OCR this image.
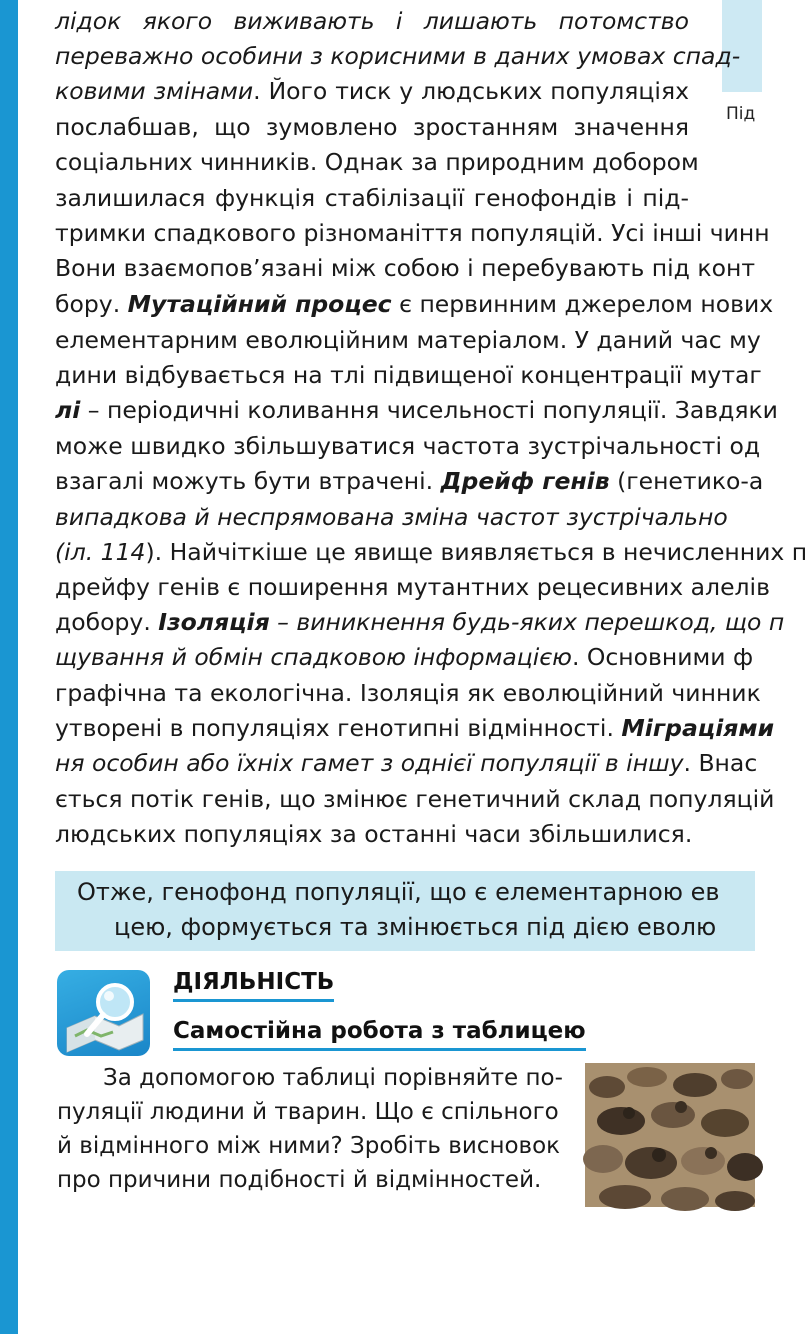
Під
лідок якого виживають і лишають потомство
переважно особини з корисними в даних умовах спад-
ковими змінами. Його тиск у людських популяціях
послабшав, що зумовлено зростанням значення
соціальних чинників. Однак за природним добором
залишилася функція стабілізації генофондів і під-
тримки спадкового різноманіття популяцій. Усі інші чинн
Вони взаємопов’язані між собою і перебувають під конт
бору. Мутаційний процес є первинним джерелом нових
елементарним еволюційним матеріалом. У даний час му
дини відбувається на тлі підвищеної концентрації мутаг
лі – періодичні коливання чисельності популяції. Завдяки
може швидко збільшуватися частота зустрічальності од
взагалі можуть бути втрачені. Дрейф генів (генетико-а
випадкова й неспрямована зміна частот зустрічально
(іл. 114). Найчіткіше це явище виявляється в нечисленних п
дрейфу генів є поширення мутантних рецесивних алелів
добору. Ізоляція – виникнення будь-яких перешкод, що п
щування й обмін спадковою інформацією. Основними ф
графічна та екологічна. Ізоляція як еволюційний чинник
утворені в популяціях генотипні відмінності. Міграціями
ня особин або їхніх гамет з однієї популяції в іншу. Внас
ється потік генів, що змінює генетичний склад популяцій
людських популяціях за останні часи збільшилися.
Отже, генофонд популяції, що є елементарною ев
цею, формується та змінюється під дією еволю
ДІЯЛЬНІСТЬ
Самостійна робота з таблицею
За допомогою таблиці порівняйте по-
пуляції людини й тварин. Що є спільного
й відмінного між ними? Зробіть висновок
про причини подібності й відмінностей.
